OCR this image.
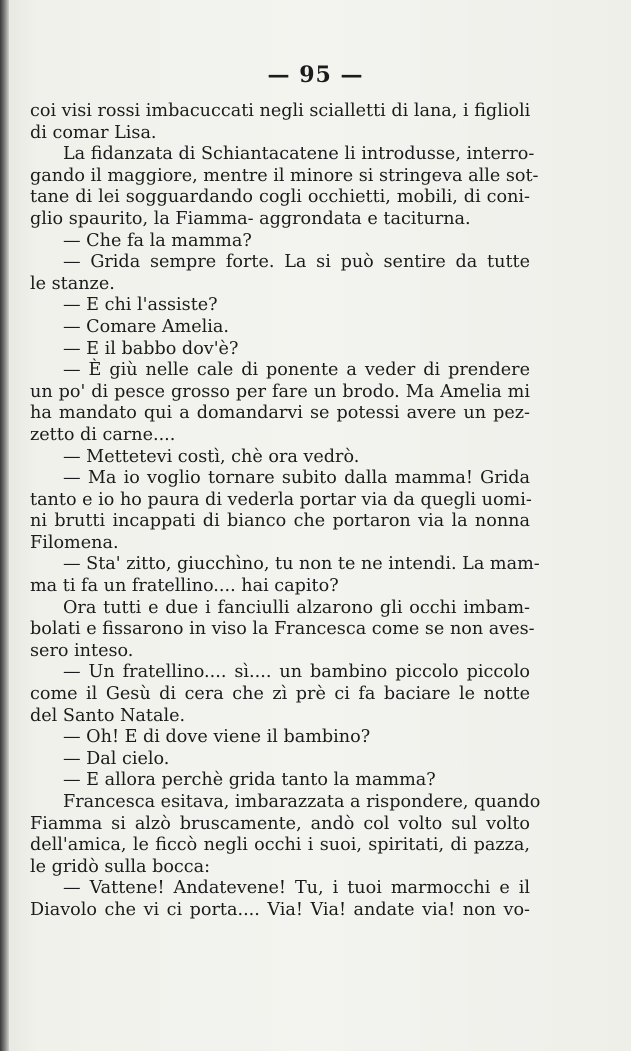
— 95 —
coi visi rossi imbacuccati negli scialletti di lana, i figlioli
di comar Lisa.
La fidanzata di Schiantacatene li introdusse, interro-
gando il maggiore, mentre il minore si stringeva alle sot-
tane di lei sogguardando cogli occhietti, mobili, di coni-
glio spaurito, la Fiamma- aggrondata e taciturna.
— Che fa la mamma?
— Grida sempre forte. La si può sentire da tutte
le stanze.
— E chi l'assiste?
— Comare Amelia.
— E il babbo dov'è?
— È giù nelle cale di ponente a veder di prendere
un po' di pesce grosso per fare un brodo. Ma Amelia mi
ha mandato qui a domandarvi se potessi avere un pez-
zetto di carne....
— Mettetevi costì, chè ora vedrò.
— Ma io voglio tornare subito dalla mamma! Grida
tanto e io ho paura di vederla portar via da quegli uomi-
ni brutti incappati di bianco che portaron via la nonna
Filomena.
— Sta' zitto, giucchìno, tu non te ne intendi. La mam-
ma ti fa un fratellino.... hai capito?
Ora tutti e due i fanciulli alzarono gli occhi imbam-
bolati e fissarono in viso la Francesca come se non aves-
sero inteso.
— Un fratellino.... sì.... un bambino piccolo piccolo
come il Gesù di cera che zì prè ci fa baciare le notte
del Santo Natale.
— Oh! E di dove viene il bambino?
— Dal cielo.
— E allora perchè grida tanto la mamma?
Francesca esitava, imbarazzata a rispondere, quando
Fiamma si alzò bruscamente, andò col volto sul volto
dell'amica, le ficcò negli occhi i suoi, spiritati, di pazza,
le gridò sulla bocca:
— Vattene! Andatevene! Tu, i tuoi marmocchi e il
Diavolo che vi ci porta.... Via! Via! andate via! non vo-
